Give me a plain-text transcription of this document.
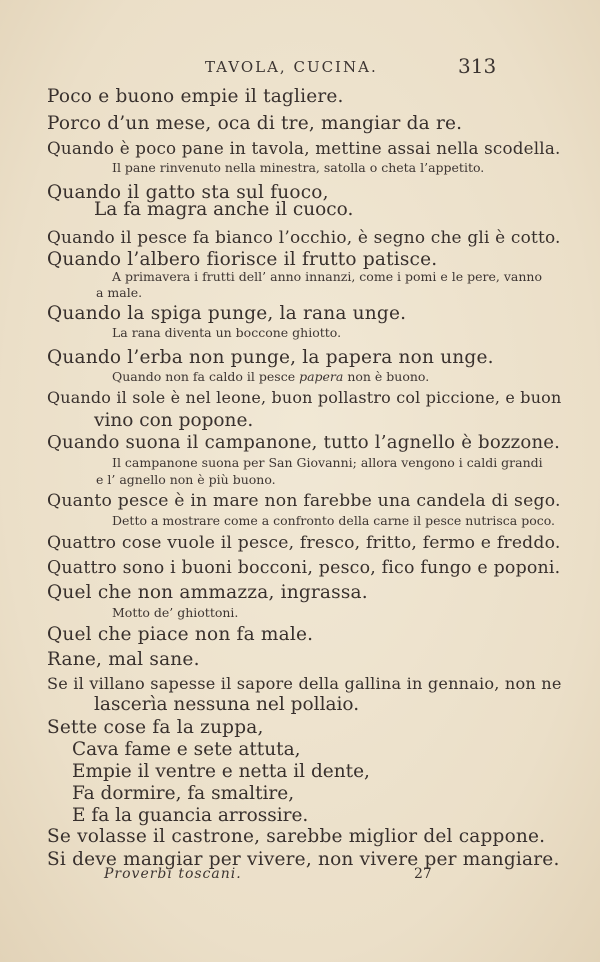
TAVOLA, CUCINA.	313

Poco e buono empie il tagliere.

Porco d’un mese, oca di tre, mangiar da re.

Quando è poco pane in tavola, mettine assai nella scodella.

Il pane rinvenuto nella minestra, satolla o cheta l’appetito.

Quando il gatto sta sul fuoco,

La fa magra anche il cuoco.

Quando il pesce fa bianco l’occhio, è segno che gli è cotto.

Quando l’albero fiorisce il frutto patisce.

A primavera i frutti dell’ anno innanzi, come i pomi e le pere, vanno

a male.

Quando la spiga punge, la rana unge.

La rana diventa un boccone ghiotto.

Quando l’erba non punge, la papera non unge.

Quando non fa caldo il pesce papera non è buono.

Quando il sole è nel leone, buon pollastro col piccione, e buon

vino con popone.

Quando suona il campanone, tutto l’agnello è bozzone.

Il campanone suona per San Giovanni; allora vengono i caldi grandi

e l’ agnello non è più buono.

Quanto pesce è in mare non farebbe una candela di sego.

Detto a mostrare come a confronto della carne il pesce nutrisca poco.

Quattro cose vuole il pesce, fresco, fritto, fermo e freddo.

Quattro sono i buoni bocconi, pesco, fico fungo e poponi.

Quel che non ammazza, ingrassa.

Motto de’ ghiottoni.

Quel che piace non fa male.

Rane, mal sane.

Se il villano sapesse il sapore della gallina in gennaio, non ne

lascerìa nessuna nel pollaio.

Sette cose fa la zuppa,

Cava fame e sete attuta,

Empie il ventre e netta il dente,

Fa dormire, fa smaltire,

E fa la guancia arrossire.

Se volasse il castrone, sarebbe miglior del cappone.

Si deve mangiar per vivere, non vivere per mangiare.

Proverbi toscani.	27
